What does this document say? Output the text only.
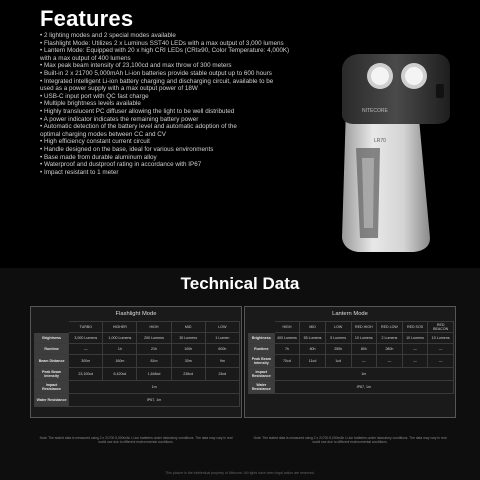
Features
• 2 lighting modes and 2 special modes available
• Flashlight Mode: Utilizes 2 x Luminus SST40 LEDs with a max output of 3,000 lumens
• Lantern Mode: Equipped with 20 x high CRI LEDs (CRI≥90, Color Temperature: 4,000K)
with a max output of 400 lumens
• Max peak beam intensity of 23,100cd and max throw of 300 meters
• Built-in 2 x 21700 5,000mAh Li-ion batteries provide stable output up to 600 hours
• Integrated intelligent Li-ion battery charging and discharging circuit, available to be
used as a power supply with a max output power of 18W
• USB-C input port with QC fast charge
• Multiple brightness levels available
• Highly translucent PC diffuser allowing the light to be well distributed
• A power indicator indicates the remaining battery power
• Automatic detection of the battery level and automatic adoption of the
optimal charging modes between CC and CV
• High efficiency constant current circuit
• Handle designed on the base, ideal for various environments
• Base made from durable aluminum alloy
• Waterproof and dustproof rating in accordance with IP67
• Impact resistant to 1 meter
NITECORE
LR70
Technical Data
Flashlight Mode
	TURBO	HIGHER	HIGH	MID	LOW
Brightness	3,000 Lumens	1,000 Lumens	200 Lumens	30 Lumens	1 Lumen
Runtime	—	1h	21h	100h	600h
Beam Distance	300m	160m	81m	30m	9m
Peak Beam Intensity	23,100cd	6,420cd	1,648cd	236cd	24cd
Impact Resistance	1m				
Water Resistance	IP67, 1m				
Lantern Mode
	HIGH	MID	LOW	RED HIGH	RED LOW	RED SOS	RED BEACON
Brightness	400 Lumens	55 Lumens	5 Lumens	10 Lumens	2 Lumens	10 Lumens	10 Lumens
Runtime	7h	60h	250h	80h	280h	—	—
Peak Beam Intensity	70cd	11cd	1cd	—	—	—	—
Impact Resistance	1m						
Water Resistance	IP67, 1m						
Note: The stated data is measured using 2 x 21700 5,000mAh Li-ion batteries under laboratory conditions. The data may vary in real world use due to different environmental conditions.
Note: The stated data is measured using 2 x 21700 5,000mAh Li-ion batteries under laboratory conditions. The data may vary in real world use due to different environmental conditions.
This picture is the intellectual property of Nitecore. All rights have been legal action are reserved.
